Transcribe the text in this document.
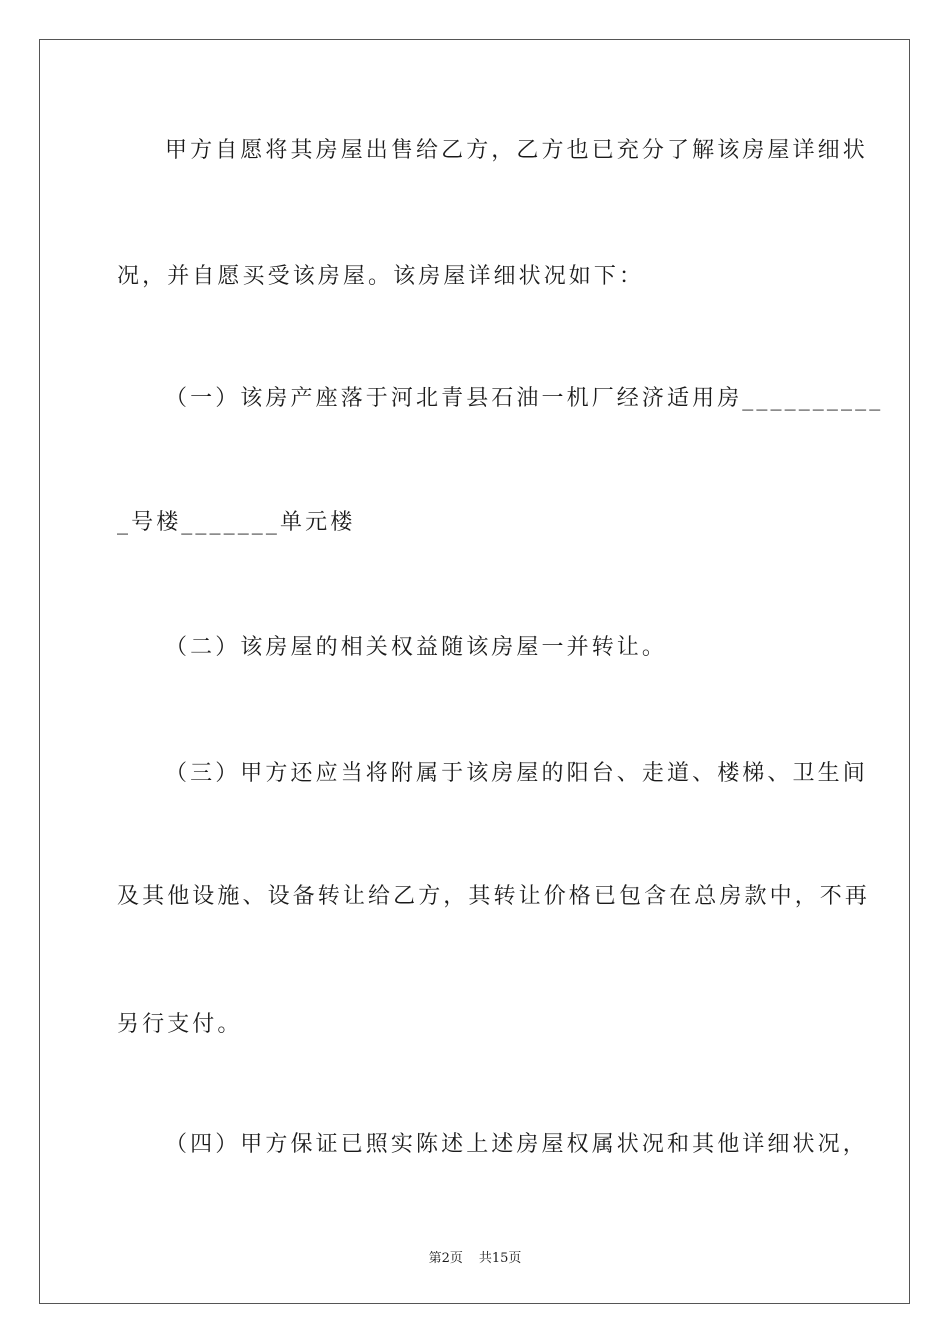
甲方自愿将其房屋出售给乙方，乙方也已充分了解该房屋详细状
况，并自愿买受该房屋。该房屋详细状况如下：
（一）该房产座落于河北青县石油一机厂经济适用房__________
_号楼_______单元楼
（二）该房屋的相关权益随该房屋一并转让。
（三）甲方还应当将附属于该房屋的阳台、走道、楼梯、卫生间
及其他设施、设备转让给乙方，其转让价格已包含在总房款中，不再
另行支付。
（四）甲方保证已照实陈述上述房屋权属状况和其他详细状况，
第2页 共15页
